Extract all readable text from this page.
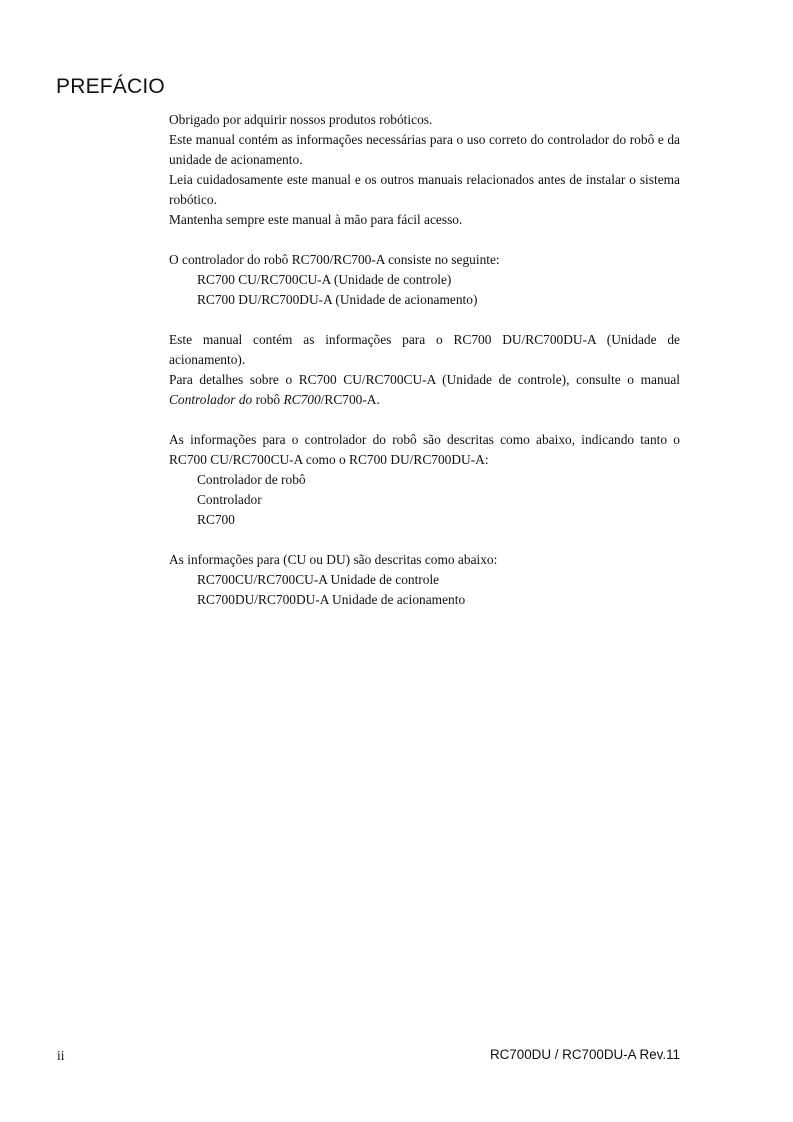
PREFÁCIO

Obrigado por adquirir nossos produtos robóticos.

Este manual contém as informações necessárias para o uso correto do controlador do robô e da unidade de acionamento.

Leia cuidadosamente este manual e os outros manuais relacionados antes de instalar o sistema robótico.

Mantenha sempre este manual à mão para fácil acesso.

O controlador do robô RC700/RC700-A consiste no seguinte:

RC700 CU/RC700CU-A (Unidade de controle)

RC700 DU/RC700DU-A (Unidade de acionamento)

Este manual contém as informações para o RC700 DU/RC700DU-A (Unidade de acionamento).

Para detalhes sobre o RC700 CU/RC700CU-A (Unidade de controle), consulte o manual Controlador do robô RC700/RC700-A.

As informações para o controlador do robô são descritas como abaixo, indicando tanto o RC700 CU/RC700CU-A como o RC700 DU/RC700DU-A:

Controlador de robô

Controlador

RC700

As informações para (CU ou DU) são descritas como abaixo:

RC700CU/RC700CU-A Unidade de controle

RC700DU/RC700DU-A Unidade de acionamento

ii	RC700DU / RC700DU-A Rev.11
